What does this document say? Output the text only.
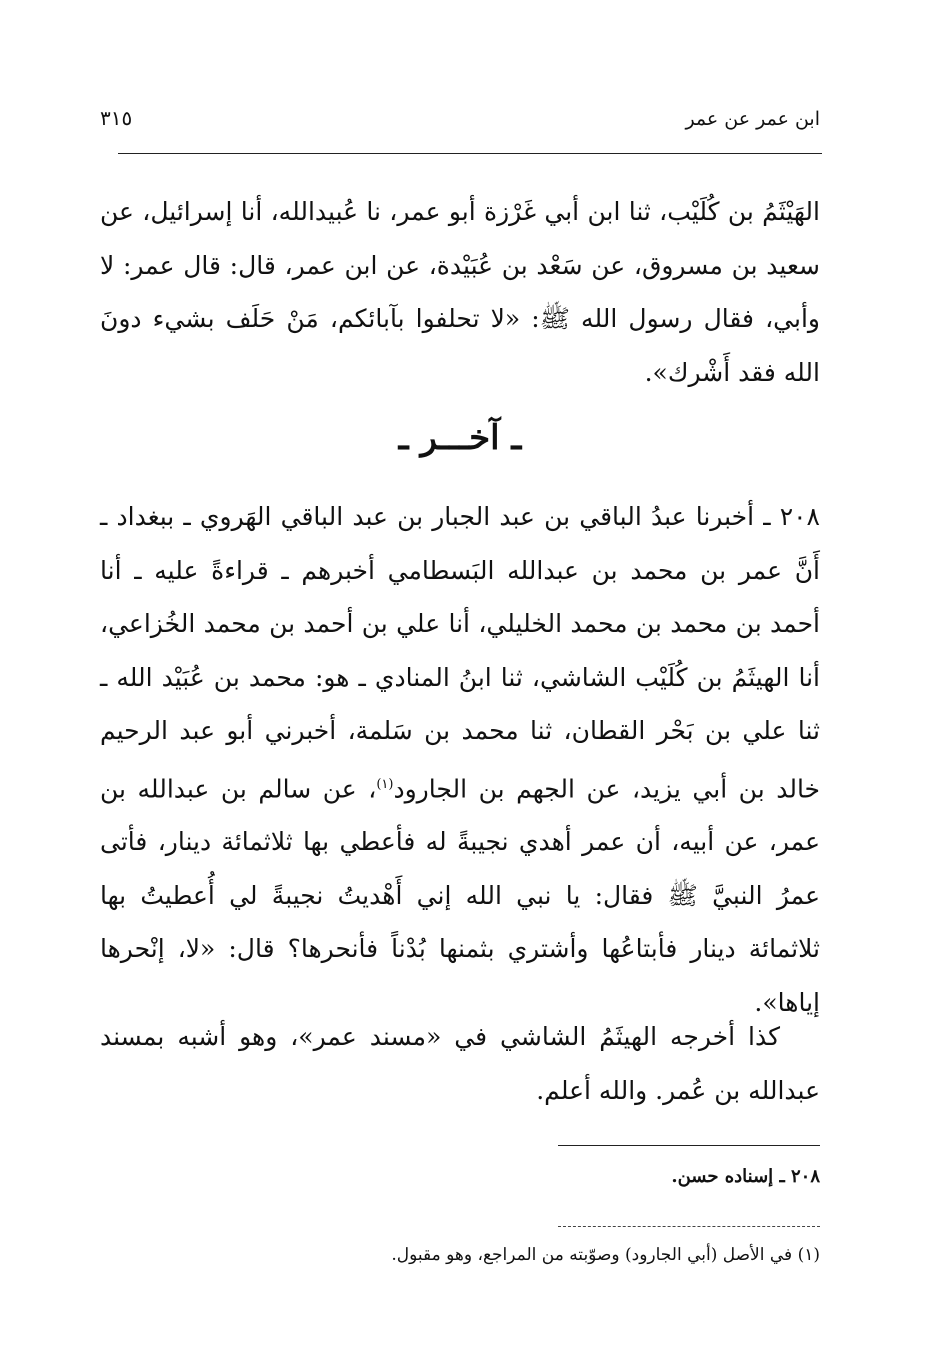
ابن عمر عن عمر
٣١٥
الهَيْثَمُ بن كُلَيْب، ثنا ابن أبي غَرْزة أبو عمر، نا عُبيدالله، أنا إسرائيل، عن سعيد بن مسروق، عن سَعْد بن عُبَيْدة، عن ابن عمر، قال: قال عمر: لا وأبي، فقال رسول الله ﷺ: «لا تحلفوا بآبائكم، مَنْ حَلَف بشيء دونَ الله فقد أَشْرك».
ـ آخـــر ـ
٢٠٨ ـ أخبرنا عبدُ الباقي بن عبد الجبار بن عبد الباقي الهَروي ـ ببغداد ـ أَنَّ عمر بن محمد بن عبدالله البَسطامي أخبرهم ـ قراءةً عليه ـ أنا أحمد بن محمد بن محمد الخليلي، أنا علي بن أحمد بن محمد الخُزاعي، أنا الهيثَمُ بن كُلَيْب الشاشي، ثنا ابنُ المنادي ـ هو: محمد بن عُبَيْد الله ـ ثنا علي بن بَحْر القطان، ثنا محمد بن سَلمة، أخبرني أبو عبد الرحيم خالد بن أبي يزيد، عن الجهم بن الجارود$^{(١)}$، عن سالم بن عبدالله بن عمر، عن أبيه، أن عمر أهدي نجيبةً له فأعطي بها ثلاثمائة دينار، فأتى عمرُ النبيَّ ﷺ فقال: يا نبي الله إني أَهْديتُ نجيبةً لي أُعطيتُ بها ثلاثمائة دينار فأبتاعُها وأشتري بثمنها بُدْناً فأنحرها؟ قال: «لا، إنْحرها إياها».
كذا أخرجه الهيثَمُ الشاشي في «مسند عمر»، وهو أشبه بمسند عبدالله بن عُمر. والله أعلم.
٢٠٨ ـ إسناده حسن.
(١) في الأصل (أبي الجارود) وصوّبته من المراجع، وهو مقبول.
